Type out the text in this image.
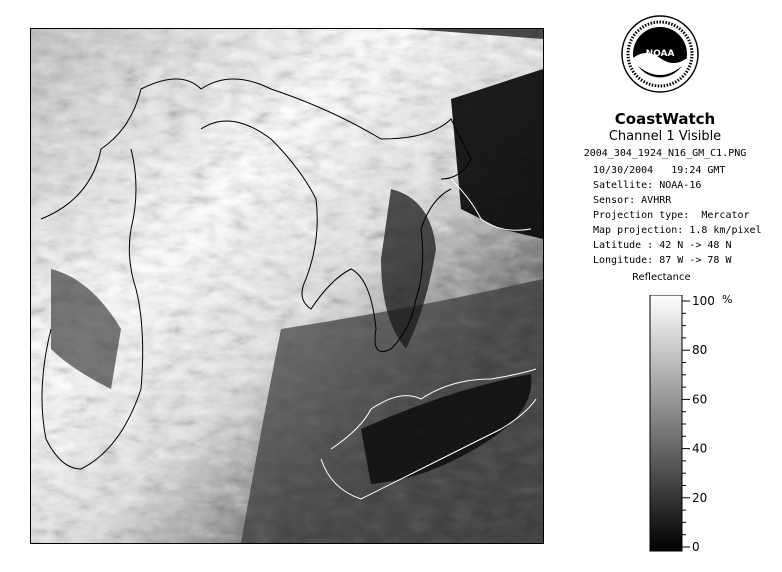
NOAA
CoastWatch
Channel 1 Visible
2004_304_1924_N16_GM_C1.PNG
10/30/2004   19:24 GMT
Satellite: NOAA-16
Sensor: AVHRR
Projection type:  Mercator
Map projection: 1.8 km/pixel
Latitude : 42 N -> 48 N
Longitude: 87 W -> 78 W
Reflectance
100
80
60
40
20
0
%
